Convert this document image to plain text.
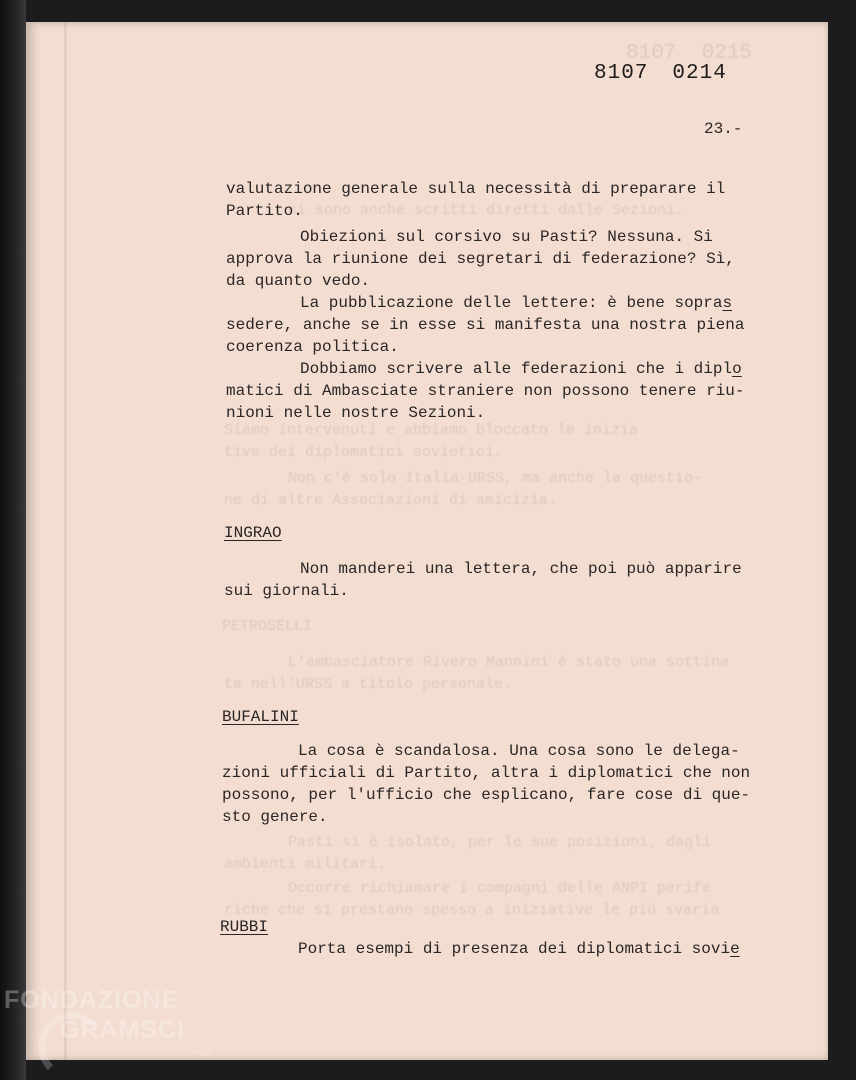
8107  0215
ci sono anche scritti diretti dalle Sezioni.
Siamo intervenuti e abbiamo bloccato le inizia
tive dei diplomatici sovietici.
Non c'è solo Italia-URSS, ma anche la questio-
ne di altre Associazioni di amicizia.
PETROSELLI
L'ambasciatore Rivero Mannini è stato una sottina
ta nell'URSS a titolo personale.
Pasti si è isolato, per le sue posizioni, dagli
ambienti militari.
Occorre richiamare i compagni delle ANPI perife
riche che si prestano spesso a iniziative le più svaria
8107 0214
23.-
valutazione generale sulla necessità di preparare il
Partito.
Obiezioni sul corsivo su Pasti? Nessuna. Si
approva la riunione dei segretari di federazione? Sì,
da quanto vedo.
La pubblicazione delle lettere: è bene sopras
sedere, anche se in esse si manifesta una nostra piena
coerenza politica.
Dobbiamo scrivere alle federazioni che i diplo
matici di Ambasciate straniere non possono tenere riu-
nioni nelle nostre Sezioni.
INGRAO
Non manderei una lettera, che poi può apparire
sui giornali.
BUFALINI
La cosa è scandalosa. Una cosa sono le delega-
zioni ufficiali di Partito, altra i diplomatici che non
possono, per l'ufficio che esplicano, fare cose di que-
sto genere.
RUBBI
Porta esempi di presenza dei diplomatici sovie
FONDAZIONE
GRAMSCI
onlus
